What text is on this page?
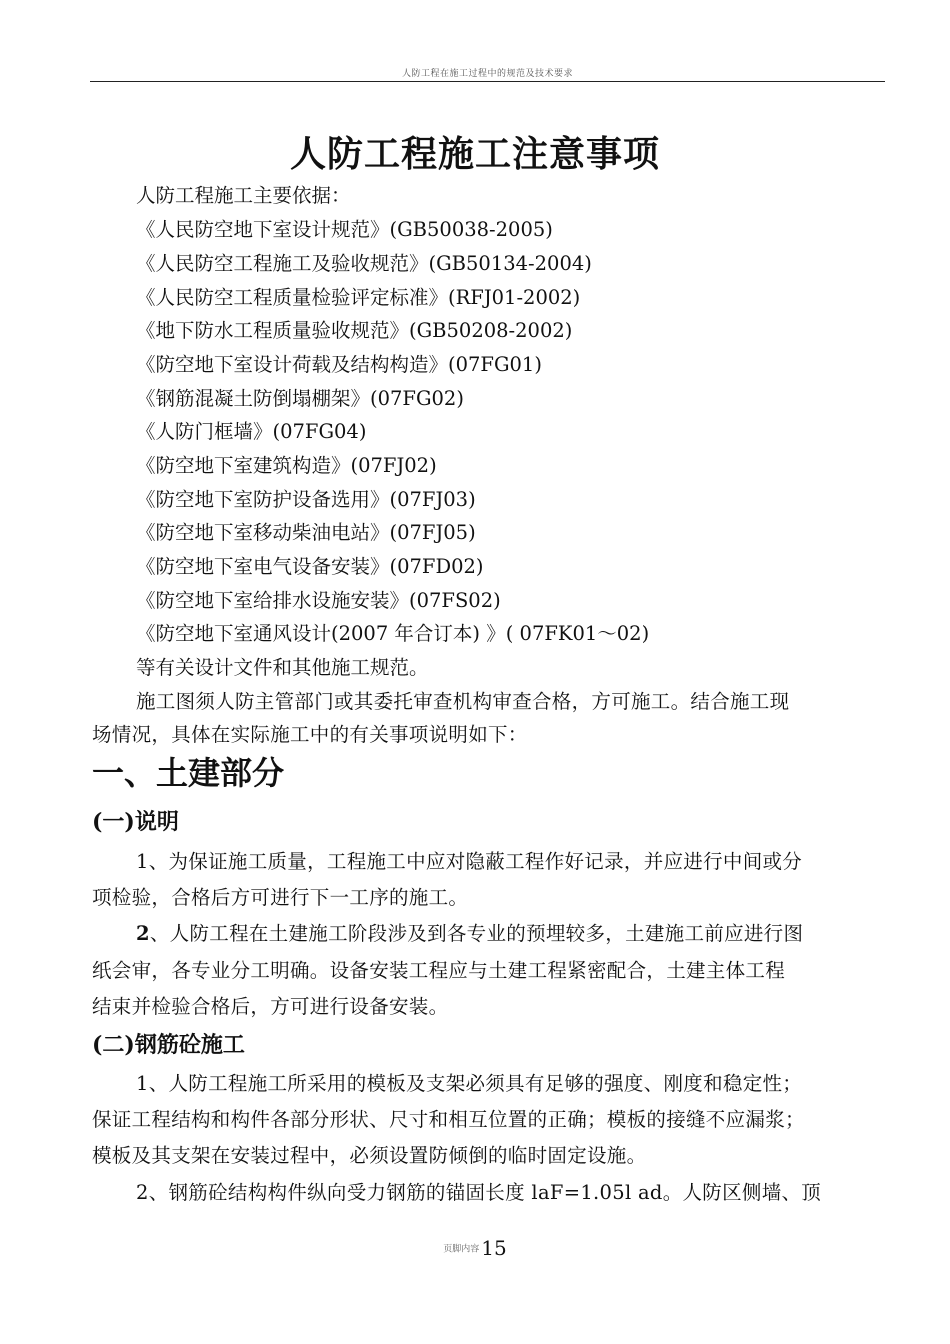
人防工程在施工过程中的规范及技术要求
人防工程施工注意事项
人防工程施工主要依据：
《人民防空地下室设计规范》(GB50038-2005)
《人民防空工程施工及验收规范》(GB50134-2004)
《人民防空工程质量检验评定标准》(RFJ01-2002)
《地下防水工程质量验收规范》(GB50208-2002)
《防空地下室设计荷载及结构构造》(07FG01)
《钢筋混凝土防倒塌棚架》(07FG02)
《人防门框墙》(07FG04)
《防空地下室建筑构造》(07FJ02)
《防空地下室防护设备选用》(07FJ03)
《防空地下室移动柴油电站》(07FJ05)
《防空地下室电气设备安装》(07FD02)
《防空地下室给排水设施安装》(07FS02)
《防空地下室通风设计(2007 年合订本) 》( 07FK01～02)
等有关设计文件和其他施工规范。
施工图须人防主管部门或其委托审查机构审查合格，方可施工。结合施工现
场情况，具体在实际施工中的有关事项说明如下：
一、土建部分
(一)说明
1、为保证施工质量，工程施工中应对隐蔽工程作好记录，并应进行中间或分
项检验，合格后方可进行下一工序的施工。
2、人防工程在土建施工阶段涉及到各专业的预埋较多，土建施工前应进行图
纸会审，各专业分工明确。设备安装工程应与土建工程紧密配合，土建主体工程
结束并检验合格后，方可进行设备安装。
(二)钢筋砼施工
1、人防工程施工所采用的模板及支架必须具有足够的强度、刚度和稳定性；
保证工程结构和构件各部分形状、尺寸和相互位置的正确；模板的接缝不应漏浆；
模板及其支架在安装过程中，必须设置防倾倒的临时固定设施。
2、钢筋砼结构构件纵向受力钢筋的锚固长度 laF=1.05l ad。人防区侧墙、顶
页脚内容 15
